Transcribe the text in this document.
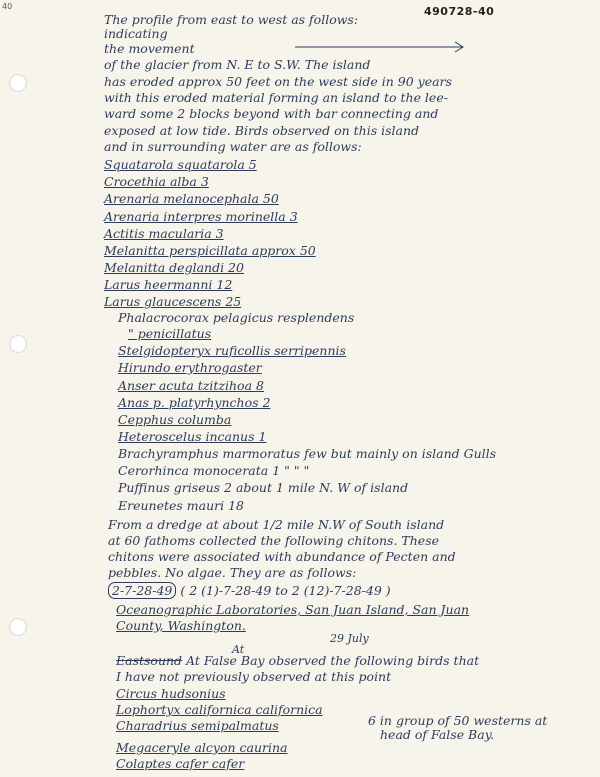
40	490728-40
The profile from east to west as follows:
indicating
the movement
of the glacier from N. E to S.W. The island
has eroded approx 50 feet on the west side in 90 years
with this eroded material forming an island to the lee-
ward some 2 blocks beyond with bar connecting and
exposed at low tide. Birds observed on this island
and in surrounding water are as follows:
Squatarola squatarola 5
Crocethia alba 3
Arenaria melanocephala 50
Arenaria interpres morinella 3
Actitis macularia 3
Melanitta perspicillata approx 50
Melanitta deglandi 20
Larus heermanni 12
Larus glaucescens 25
Phalacrocorax pelagicus resplendens
" penicillatus
Stelgidopteryx ruficollis serripennis
Hirundo erythrogaster
Anser acuta tzitzihoa 8
Anas p. platyrhynchos 2
Cepphus columba
Heteroscelus incanus 1
Brachyramphus marmoratus few but mainly on island Gulls
Cerorhinca monocerata 1 " " "
Puffinus griseus 2 about 1 mile N. W of island
Ereunetes mauri 18
From a dredge at about 1/2 mile N.W of South island
at 60 fathoms collected the following chitons. These
chitons were associated with abundance of Pecten and
pebbles. No algae. They are as follows:
2-7-28-49 ( 2 (1)-7-28-49 to 2 (12)-7-28-49 )
Oceanographic Laboratories, San Juan Island, San Juan
County, Washington.
29 July
At
Eastsound At False Bay observed the following birds that
I have not previously observed at this point
Circus hudsonius
Lophortyx californica californica
Charadrius semipalmatus	6 in group of 50 westerns at
head of False Bay.
Megaceryle alcyon caurina
Colaptes cafer cafer
